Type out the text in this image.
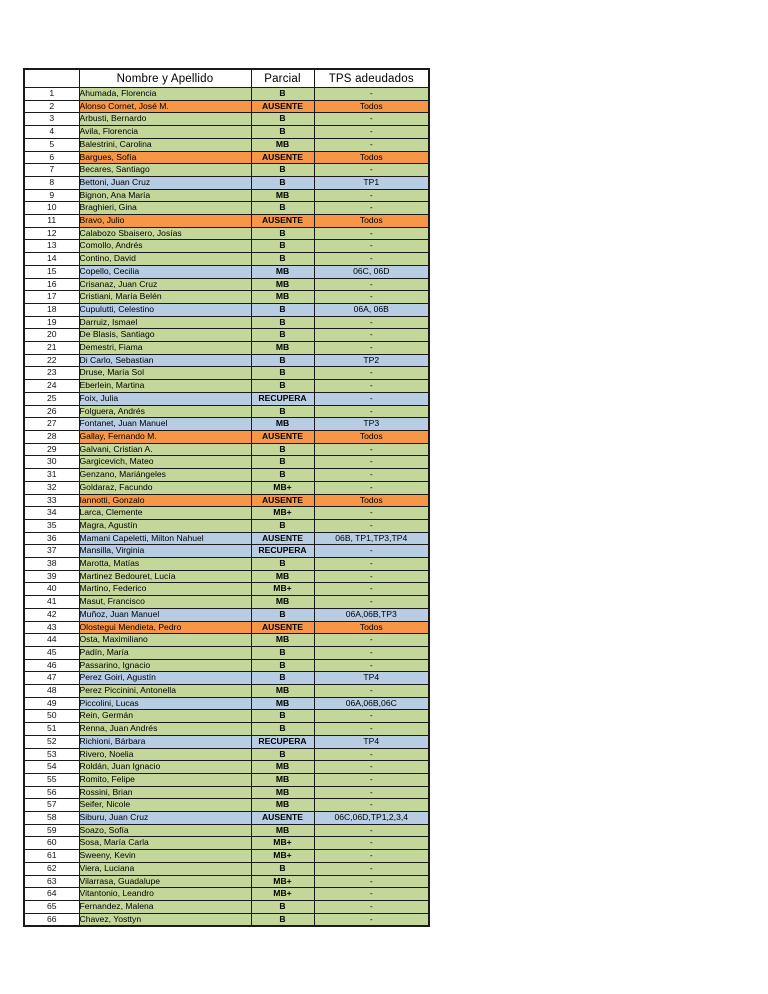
	Nombre y Apellido	Parcial	TPS adeudados
1	Ahumada, Florencia	B	-
2	Alonso Cornet, José M.	AUSENTE	Todos
3	Arbusti, Bernardo	B	-
4	Avila, Florencia	B	-
5	Balestrini, Carolina	MB	-
6	Bargues, Sofía	AUSENTE	Todos
7	Becares, Santiago	B	-
8	Bettoni, Juan Cruz	B	TP1
9	Bignon, Ana María	MB	-
10	Braghieri, Gina	B	-
11	Bravo, Julio	AUSENTE	Todos
12	Calabozo Sbaisero, Josías	B	-
13	Comollo, Andrés	B	-
14	Contino, David	B	-
15	Copello, Cecilia	MB	06C, 06D
16	Crisanaz, Juan Cruz	MB	-
17	Cristiani, María Belén	MB	-
18	Cupulutti, Celestino	B	06A, 06B
19	Darruiz, Ismael	B	-
20	De Blasis, Santiago	B	-
21	Demestri, Fiama	MB	-
22	Di Carlo, Sebastian	B	TP2
23	Druse, María Sol	B	-
24	Eberlein, Martina	B	-
25	Foix, Julia	RECUPERA	-
26	Folguera, Andrés	B	-
27	Fontanet, Juan Manuel	MB	TP3
28	Gallay, Fernando M.	AUSENTE	Todos
29	Galvani, Cristian A.	B	-
30	Gargicevich, Mateo	B	-
31	Genzano, Mariángeles	B	-
32	Goldaraz, Facundo	MB+	-
33	Iannotti, Gonzalo	AUSENTE	Todos
34	Larca, Clemente	MB+	-
35	Magra, Agustín	B	-
36	Mamani Capeletti, Milton Nahuel	AUSENTE	06B, TP1,TP3,TP4
37	Mansilla, Virginia	RECUPERA	-
38	Marotta, Matías	B	-
39	Martinez Bedouret, Lucía	MB	-
40	Martino, Federico	MB+	-
41	Masut, Francisco	MB	-
42	Muñoz, Juan Manuel	B	06A,06B,TP3
43	Olostegui Mendieta, Pedro	AUSENTE	Todos
44	Osta, Maximiliano	MB	-
45	Padín, María	B	-
46	Passarino, Ignacio	B	-
47	Perez Goiri, Agustín	B	TP4
48	Perez Piccinini, Antonella	MB	-
49	Piccolini, Lucas	MB	06A,06B,06C
50	Rein, Germán	B	-
51	Renna, Juan Andrés	B	-
52	Richioni, Bárbara	RECUPERA	TP4
53	Rivero, Noelia	B	-
54	Roldán, Juan Ignacio	MB	-
55	Romito, Felipe	MB	-
56	Rossini, Brian	MB	-
57	Seifer, Nicole	MB	-
58	Siburu, Juan Cruz	AUSENTE	06C,06D,TP1,2,3,4
59	Soazo, Sofía	MB	-
60	Sosa, María Carla	MB+	-
61	Sweeny, Kevin	MB+	-
62	Viera, Luciana	B	-
63	Vilarrasa, Guadalupe	MB+	-
64	Vitantonio, Leandro	MB+	-
65	Fernandez, Malena	B	-
66	Chavez, Yosttyn	B	-
